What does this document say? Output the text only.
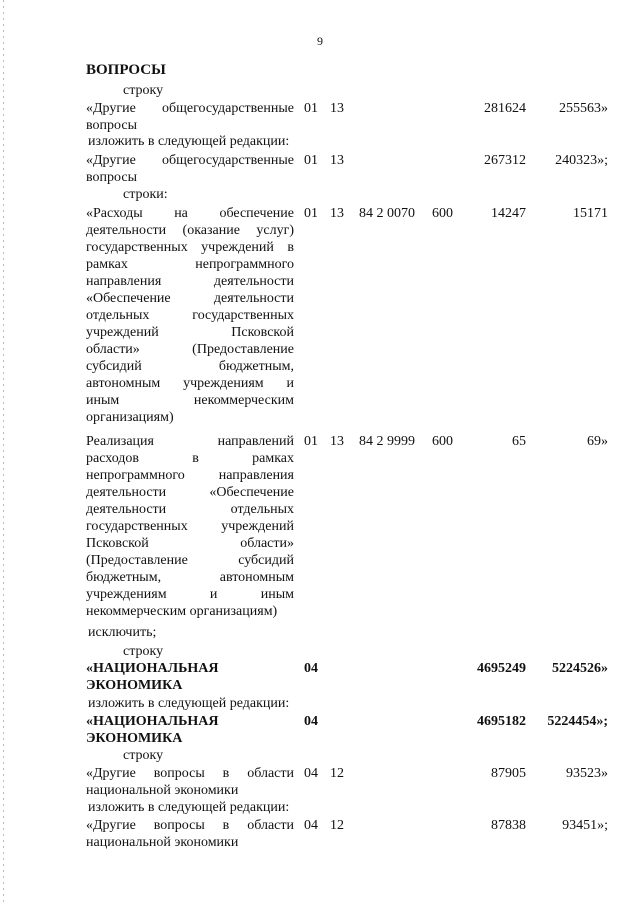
9
ВОПРОСЫ
строку
«Другие общегосударственные
вопросы
01 13	281624	255563»
изложить в следующей редакции:
«Другие общегосударственные
вопросы
01 13	267312	240323»;
строки:
«Расходы на обеспечение
деятельности (оказание услуг)
государственных учреждений в
рамках непрограммного
направления деятельности
«Обеспечение деятельности
отдельных государственных
учреждений Псковской
области» (Предоставление
субсидий бюджетным,
автономным учреждениям и
иным некоммерческим
организациям)
01 13	84 2 0070	600	14247	15171
Реализация направлений
расходов в рамках
непрограммного направления
деятельности «Обеспечение
деятельности отдельных
государственных учреждений
Псковской области»
(Предоставление субсидий
бюджетным, автономным
учреждениям и иным
некоммерческим организациям)
01 13	84 2 9999	600	65	69»
исключить;
строку
«НАЦИОНАЛЬНАЯ
ЭКОНОМИКА
04	4695249	5224526»
изложить в следующей редакции:
«НАЦИОНАЛЬНАЯ
ЭКОНОМИКА
04	4695182	5224454»;
строку
«Другие вопросы в области
национальной экономики
04 12	87905	93523»
изложить в следующей редакции:
«Другие вопросы в области
национальной экономики
04 12	87838	93451»;
